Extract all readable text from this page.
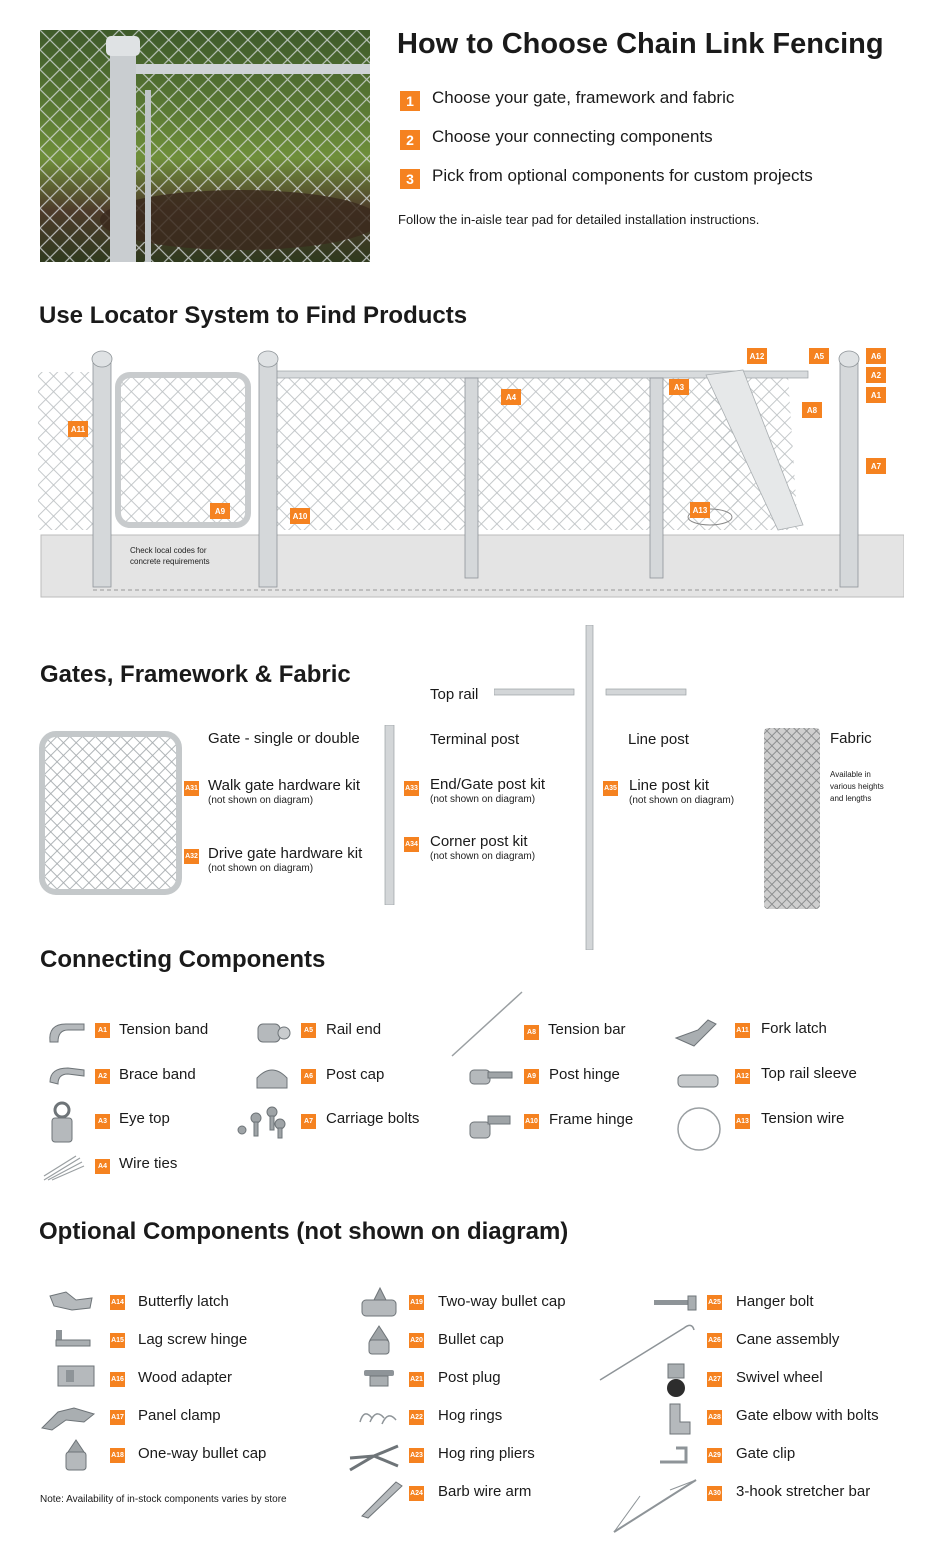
How to Choose Chain Link Fencing
1	Choose your gate, framework and fabric
2	Choose your connecting components
3	Pick from optional components for custom projects
Follow the in-aisle tear pad for detailed installation instructions.
Use Locator System to Find Products
Check local codes for
concrete requirements
A12	A5	A6
A2
A1
A3
A4
A8
A11
A7
A9
A10
A13
Gates, Framework & Fabric
Top rail
Gate - single or double	Terminal post	Line post	Fabric
Available in
various heights
and lengths
A31 Walk gate hardware kit
(not shown on diagram)
A32 Drive gate hardware kit
(not shown on diagram)
A33 End/Gate post kit
(not shown on diagram)
A34 Corner post kit
(not shown on diagram)
A35 Line post kit
(not shown on diagram)
Connecting Components
A1 Tension band
A2 Brace band
A3 Eye top
A4 Wire ties
A5 Rail end
A6 Post cap
A7 Carriage bolts
A8 Tension bar
A9 Post hinge
A10 Frame hinge
A11 Fork latch
A12 Top rail sleeve
A13 Tension wire
Optional Components (not shown on diagram)
A14 Butterfly latch
A15 Lag screw hinge
A16 Wood adapter
A17 Panel clamp
A18 One-way bullet cap
Note: Availability of in-stock components varies by store
A19 Two-way bullet cap
A20 Bullet cap
A21 Post plug
A22 Hog rings
A23 Hog ring pliers
A24 Barb wire arm
A25 Hanger bolt
A26 Cane assembly
A27 Swivel wheel
A28 Gate elbow with bolts
A29 Gate clip
A30 3-hook stretcher bar
